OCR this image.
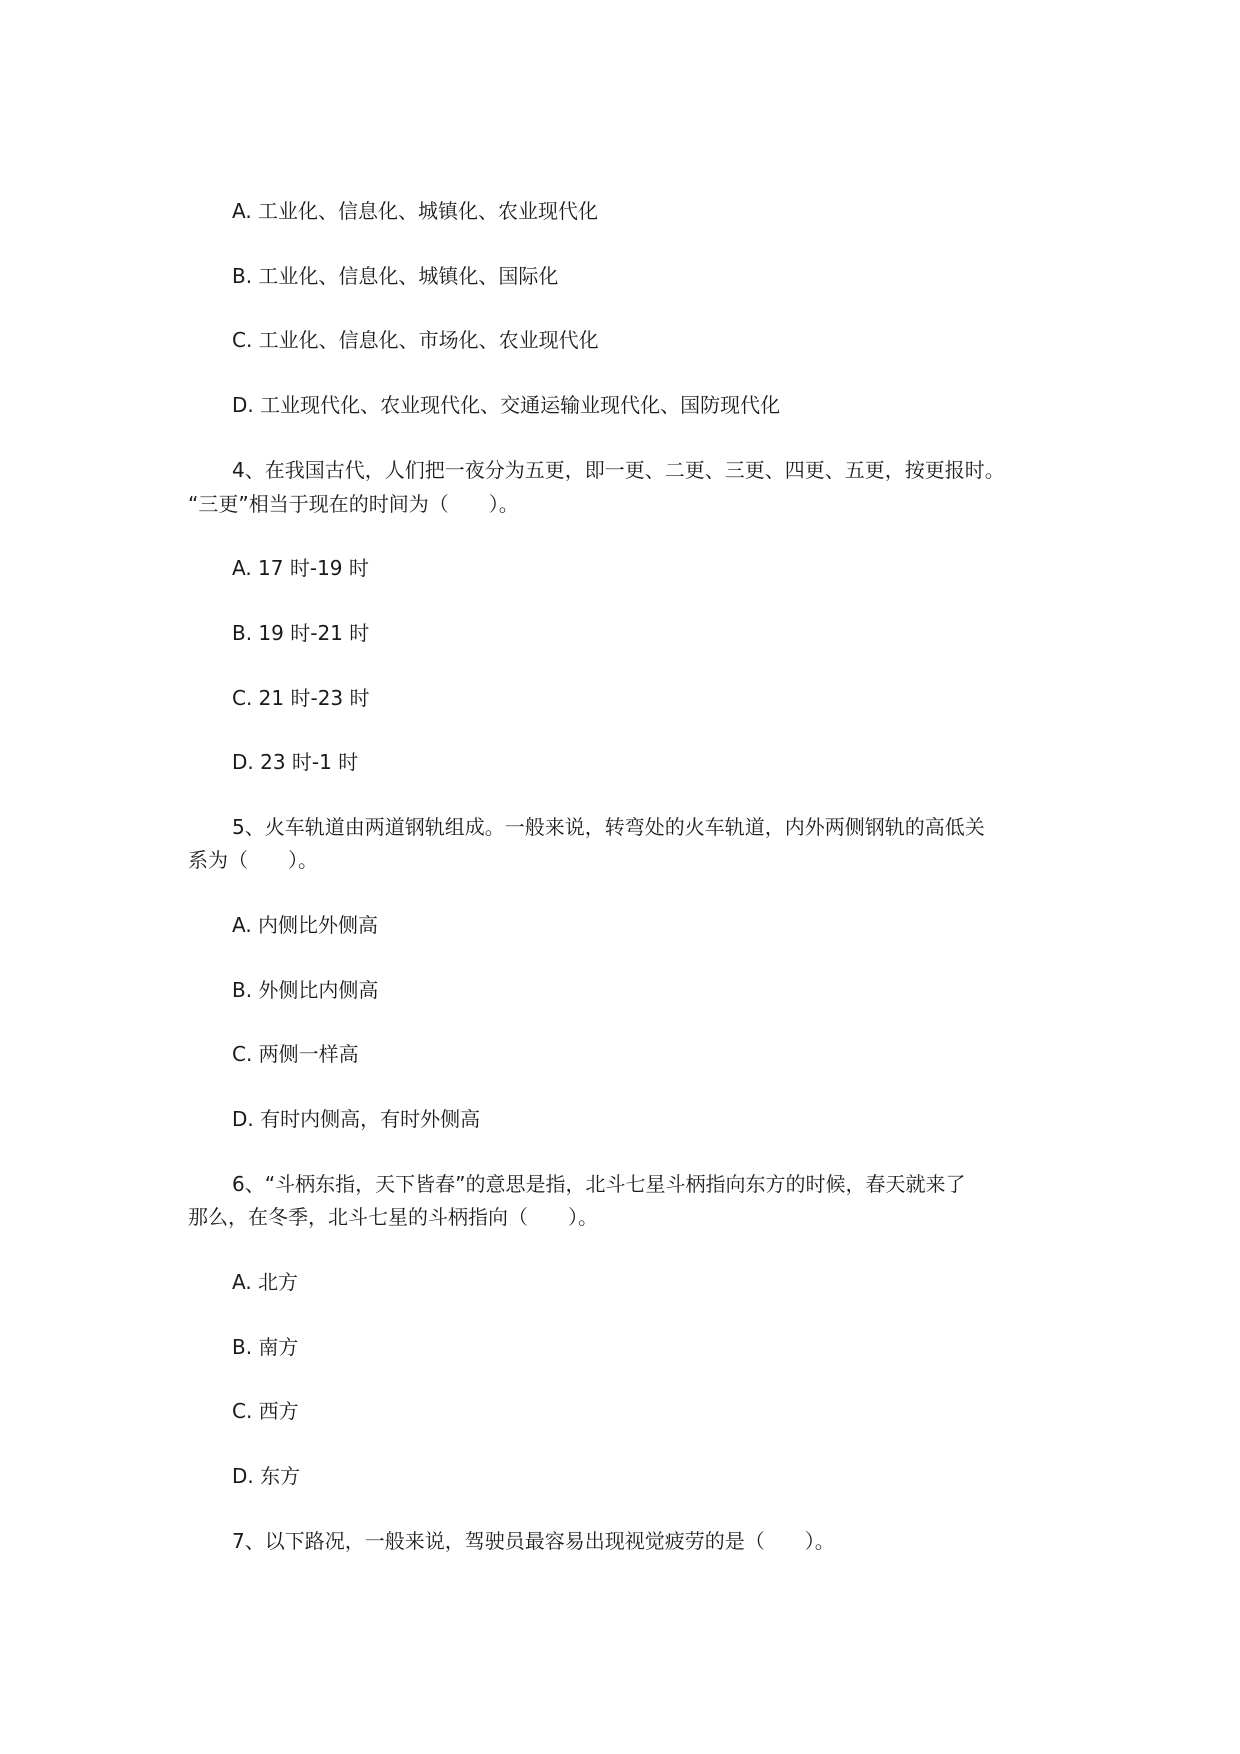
A. 工业化、信息化、城镇化、农业现代化

B. 工业化、信息化、城镇化、国际化

C. 工业化、信息化、市场化、农业现代化

D. 工业现代化、农业现代化、交通运输业现代化、国防现代化

4、在我国古代，人们把一夜分为五更，即一更、二更、三更、四更、五更，按更报时。

“三更”相当于现在的时间为（　　）。

A. 17 时-19 时

B. 19 时-21 时

C. 21 时-23 时

D. 23 时-1 时

5、火车轨道由两道钢轨组成。一般来说，转弯处的火车轨道，内外两侧钢轨的高低关

系为（　　）。

A. 内侧比外侧高

B. 外侧比内侧高

C. 两侧一样高

D. 有时内侧高，有时外侧高

6、“斗柄东指，天下皆春”的意思是指，北斗七星斗柄指向东方的时候，春天就来了

那么，在冬季，北斗七星的斗柄指向（　　）。

A. 北方

B. 南方

C. 西方

D. 东方

7、以下路况，一般来说，驾驶员最容易出现视觉疲劳的是（　　）。
